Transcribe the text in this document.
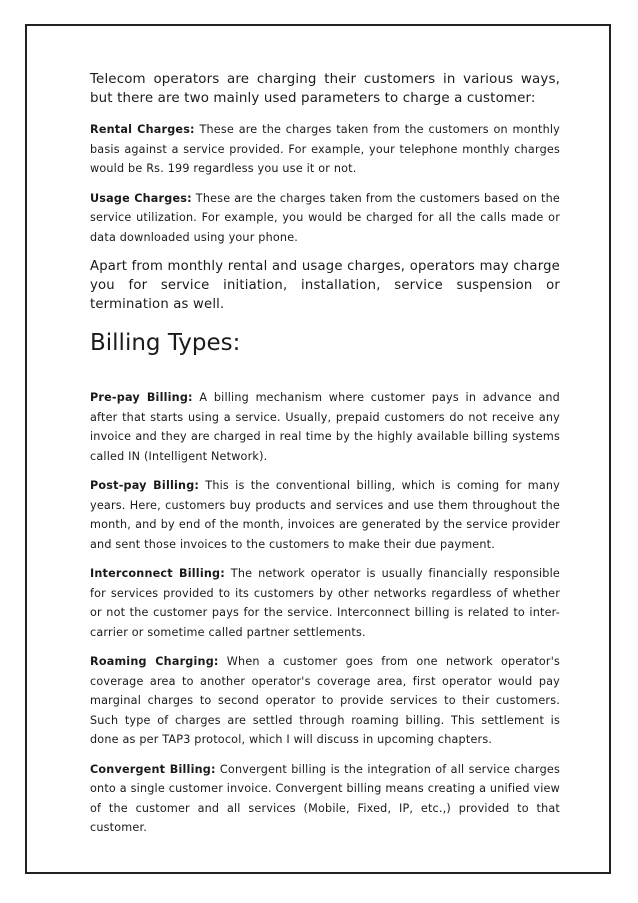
Telecom operators are charging their customers in various ways, but there are two mainly used parameters to charge a customer:

Rental Charges: These are the charges taken from the customers on monthly basis against a service provided. For example, your telephone monthly charges would be Rs. 199 regardless you use it or not.

Usage Charges: These are the charges taken from the customers based on the service utilization. For example, you would be charged for all the calls made or data downloaded using your phone.

Apart from monthly rental and usage charges, operators may charge you for service initiation, installation, service suspension or termination as well.

Billing Types:

Pre-pay Billing: A billing mechanism where customer pays in advance and after that starts using a service. Usually, prepaid customers do not receive any invoice and they are charged in real time by the highly available billing systems called IN (Intelligent Network).

Post-pay Billing: This is the conventional billing, which is coming for many years. Here, customers buy products and services and use them throughout the month, and by end of the month, invoices are generated by the service provider and sent those invoices to the customers to make their due payment.

Interconnect Billing: The network operator is usually financially responsible for services provided to its customers by other networks regardless of whether or not the customer pays for the service. Interconnect billing is related to inter-carrier or sometime called partner settlements.

Roaming Charging: When a customer goes from one network operator's coverage area to another operator's coverage area, first operator would pay marginal charges to second operator to provide services to their customers. Such type of charges are settled through roaming billing. This settlement is done as per TAP3 protocol, which I will discuss in upcoming chapters.

Convergent Billing: Convergent billing is the integration of all service charges onto a single customer invoice. Convergent billing means creating a unified view of the customer and all services (Mobile, Fixed, IP, etc.,) provided to that customer.
